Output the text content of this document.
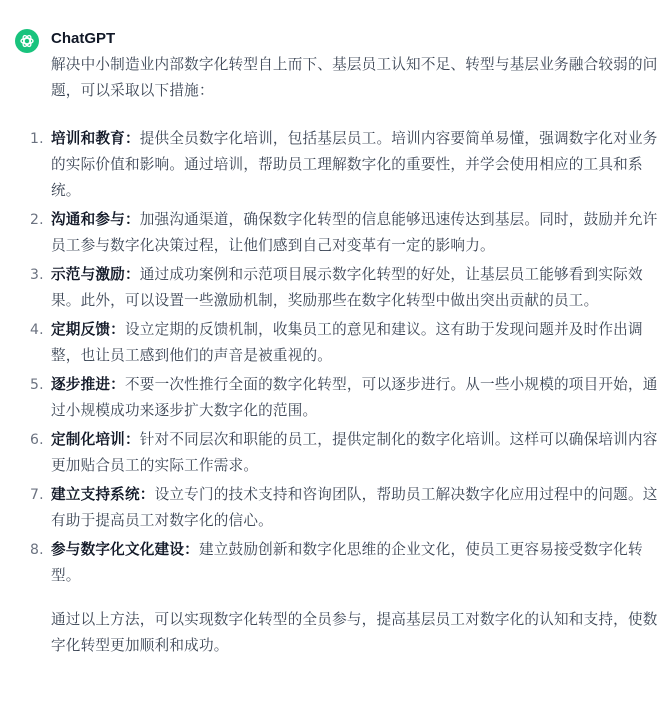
ChatGPT

解决中小制造业内部数字化转型自上而下、基层员工认知不足、转型与基层业务融合较弱的问题，可以采取以下措施：

1. 培训和教育：提供全员数字化培训，包括基层员工。培训内容要简单易懂，强调数字化对业务的实际价值和影响。通过培训，帮助员工理解数字化的重要性，并学会使用相应的工具和系统。
2. 沟通和参与：加强沟通渠道，确保数字化转型的信息能够迅速传达到基层。同时，鼓励并允许员工参与数字化决策过程，让他们感到自己对变革有一定的影响力。
3. 示范与激励：通过成功案例和示范项目展示数字化转型的好处，让基层员工能够看到实际效果。此外，可以设置一些激励机制，奖励那些在数字化转型中做出突出贡献的员工。
4. 定期反馈：设立定期的反馈机制，收集员工的意见和建议。这有助于发现问题并及时作出调整，也让员工感到他们的声音是被重视的。
5. 逐步推进：不要一次性推行全面的数字化转型，可以逐步进行。从一些小规模的项目开始，通过小规模成功来逐步扩大数字化的范围。
6. 定制化培训：针对不同层次和职能的员工，提供定制化的数字化培训。这样可以确保培训内容更加贴合员工的实际工作需求。
7. 建立支持系统：设立专门的技术支持和咨询团队，帮助员工解决数字化应用过程中的问题。这有助于提高员工对数字化的信心。
8. 参与数字化文化建设：建立鼓励创新和数字化思维的企业文化，使员工更容易接受数字化转型。

通过以上方法，可以实现数字化转型的全员参与，提高基层员工对数字化的认知和支持，使数字化转型更加顺利和成功。
